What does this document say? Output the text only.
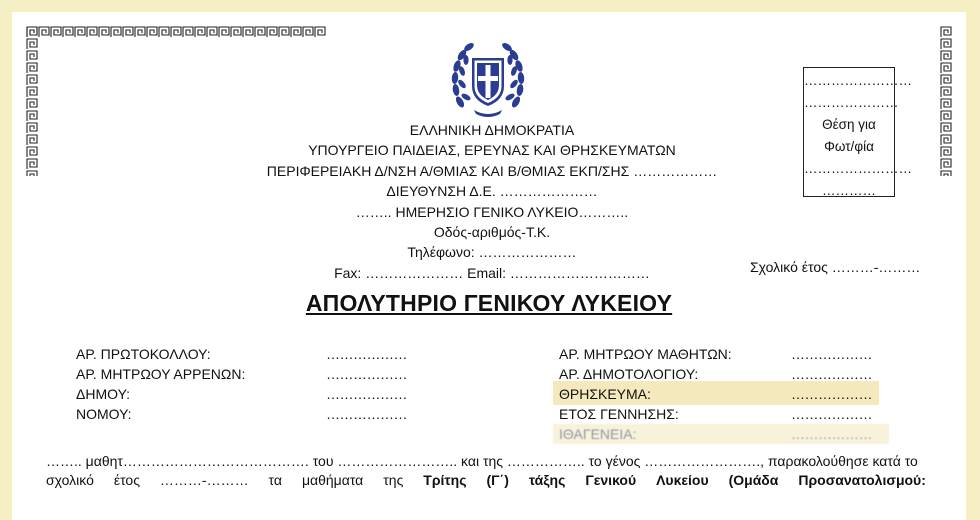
ΕΛΛΗΝΙΚΗ ΔΗΜΟΚΡΑΤΙΑ
ΥΠΟΥΡΓΕΙΟ ΠΑΙΔΕΙΑΣ, ΕΡΕΥΝΑΣ ΚΑΙ ΘΡΗΣΚΕΥΜΑΤΩΝ
ΠΕΡΙΦΕΡΕΙΑΚΗ Δ/ΝΣΗ Α/ΘΜΙΑΣ ΚΑΙ Β/ΘΜΙΑΣ ΕΚΠ/ΣΗΣ ………………
ΔΙΕΥΘΥΝΣΗ Δ.Ε. …………………
…….. ΗΜΕΡΗΣΙΟ ΓΕΝΙΚΟ ΛΥΚΕΙΟ………..
Οδός-αριθμός-Τ.Κ.
Τηλέφωνο: …………………
Fax: ………………… Email: …………………………
……………………
…………………
Θέση για
Φωτ/φία
……………………
…………
Σχολικό έτος ………-………
ΑΠΟΛΥΤΗΡΙΟ ΓΕΝΙΚΟΥ ΛΥΚΕΙΟΥ
ΑΡ. ΠΡΩΤΟΚΟΛΛΟΥ:	………………
ΑΡ. ΜΗΤΡΩΟΥ ΑΡΡΕΝΩΝ:	………………
ΔΗΜΟΥ:	………………
ΝΟΜΟΥ:	………………
ΑΡ. ΜΗΤΡΩΟΥ ΜΑΘΗΤΩΝ:	………………
ΑΡ. ΔΗΜΟΤΟΛΟΓΙΟΥ:	………………
ΘΡΗΣΚΕΥΜΑ:	………………
ΕΤΟΣ ΓΕΝΝΗΣΗΣ:	………………
ΙΘΑΓΕΝΕΙΑ:	………………
…….. μαθητ…………………………………. του …………………….. και της …………….. το γένος ……………………., παρακολούθησε κατά το
σχολικό έτος ………-……… τα μαθήματα της Τρίτης (Γ΄) τάξης Γενικού Λυκείου (Ομάδα Προσανατολισμού:
